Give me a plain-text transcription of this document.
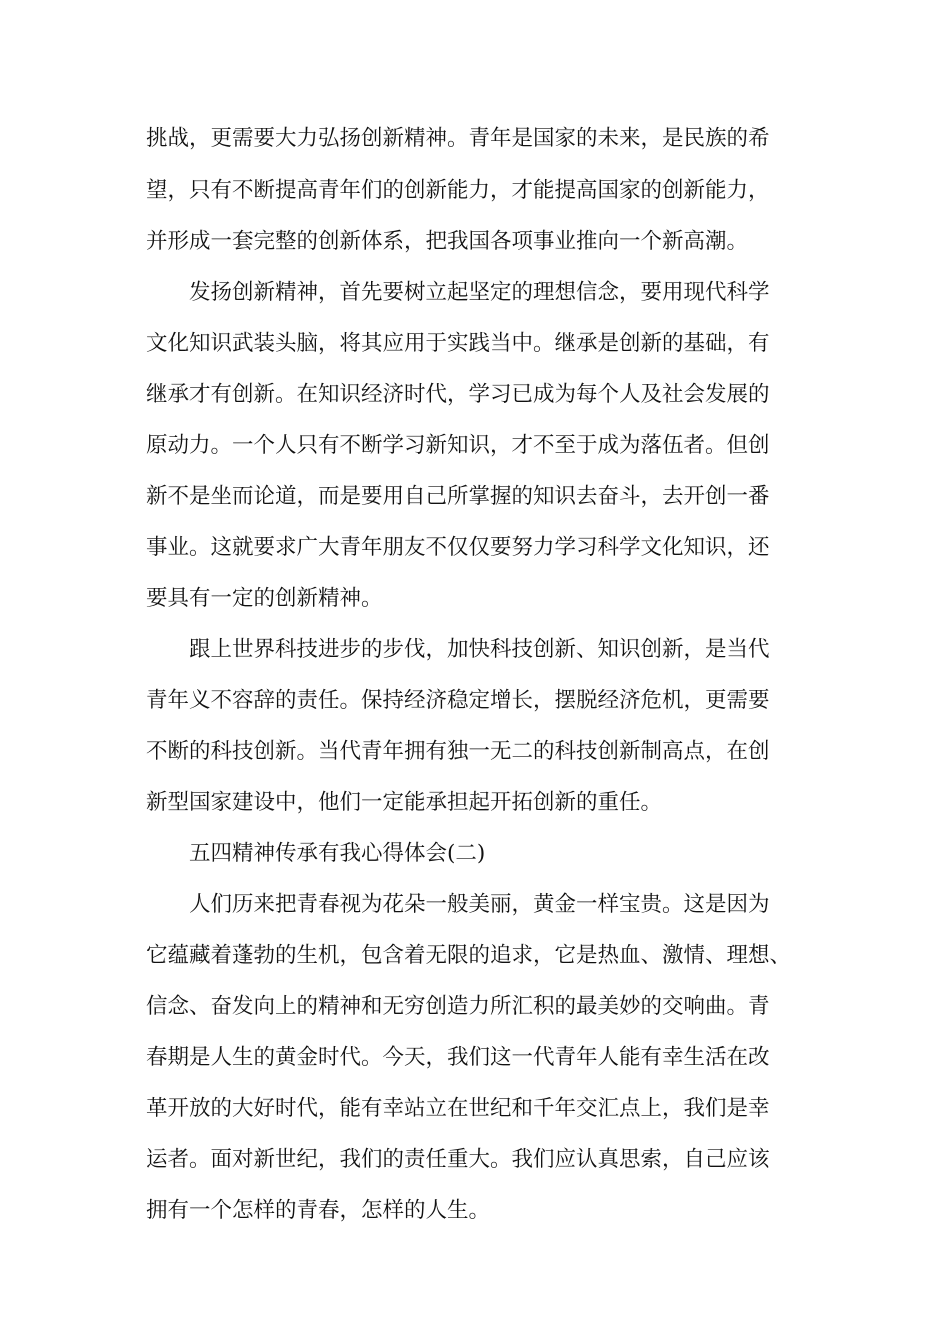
挑战，更需要大力弘扬创新精神。青年是国家的未来，是民族的希
望，只有不断提高青年们的创新能力，才能提高国家的创新能力，
并形成一套完整的创新体系，把我国各项事业推向一个新高潮。
发扬创新精神，首先要树立起坚定的理想信念，要用现代科学
文化知识武装头脑，将其应用于实践当中。继承是创新的基础，有
继承才有创新。在知识经济时代，学习已成为每个人及社会发展的
原动力。一个人只有不断学习新知识，才不至于成为落伍者。但创
新不是坐而论道，而是要用自己所掌握的知识去奋斗，去开创一番
事业。这就要求广大青年朋友不仅仅要努力学习科学文化知识，还
要具有一定的创新精神。
跟上世界科技进步的步伐，加快科技创新、知识创新，是当代
青年义不容辞的责任。保持经济稳定增长，摆脱经济危机，更需要
不断的科技创新。当代青年拥有独一无二的科技创新制高点，在创
新型国家建设中，他们一定能承担起开拓创新的重任。
五四精神传承有我心得体会(二)
人们历来把青春视为花朵一般美丽，黄金一样宝贵。这是因为
它蕴藏着蓬勃的生机，包含着无限的追求，它是热血、激情、理想、
信念、奋发向上的精神和无穷创造力所汇积的最美妙的交响曲。青
春期是人生的黄金时代。今天，我们这一代青年人能有幸生活在改
革开放的大好时代，能有幸站立在世纪和千年交汇点上，我们是幸
运者。面对新世纪，我们的责任重大。我们应认真思索，自己应该
拥有一个怎样的青春，怎样的人生。
